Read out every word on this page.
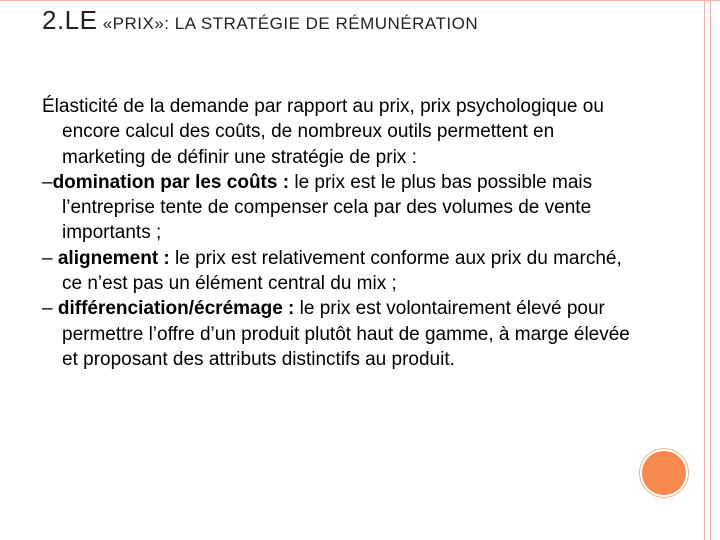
2.LE «PRIX»: LA STRATÉGIE DE RÉMUNÉRATION

Élasticité de la demande par rapport au prix, prix psychologique ou encore calcul des coûts, de nombreux outils permettent en marketing de définir une stratégie de prix :

–domination par les coûts : le prix est le plus bas possible mais l’entreprise tente de compenser cela par des volumes de vente importants ;

– alignement : le prix est relativement conforme aux prix du marché, ce n’est pas un élément central du mix ;

– différenciation/écrémage : le prix est volontairement élevé pour permettre l’offre d’un produit plutôt haut de gamme, à marge élevée et proposant des attributs distinctifs au produit.
